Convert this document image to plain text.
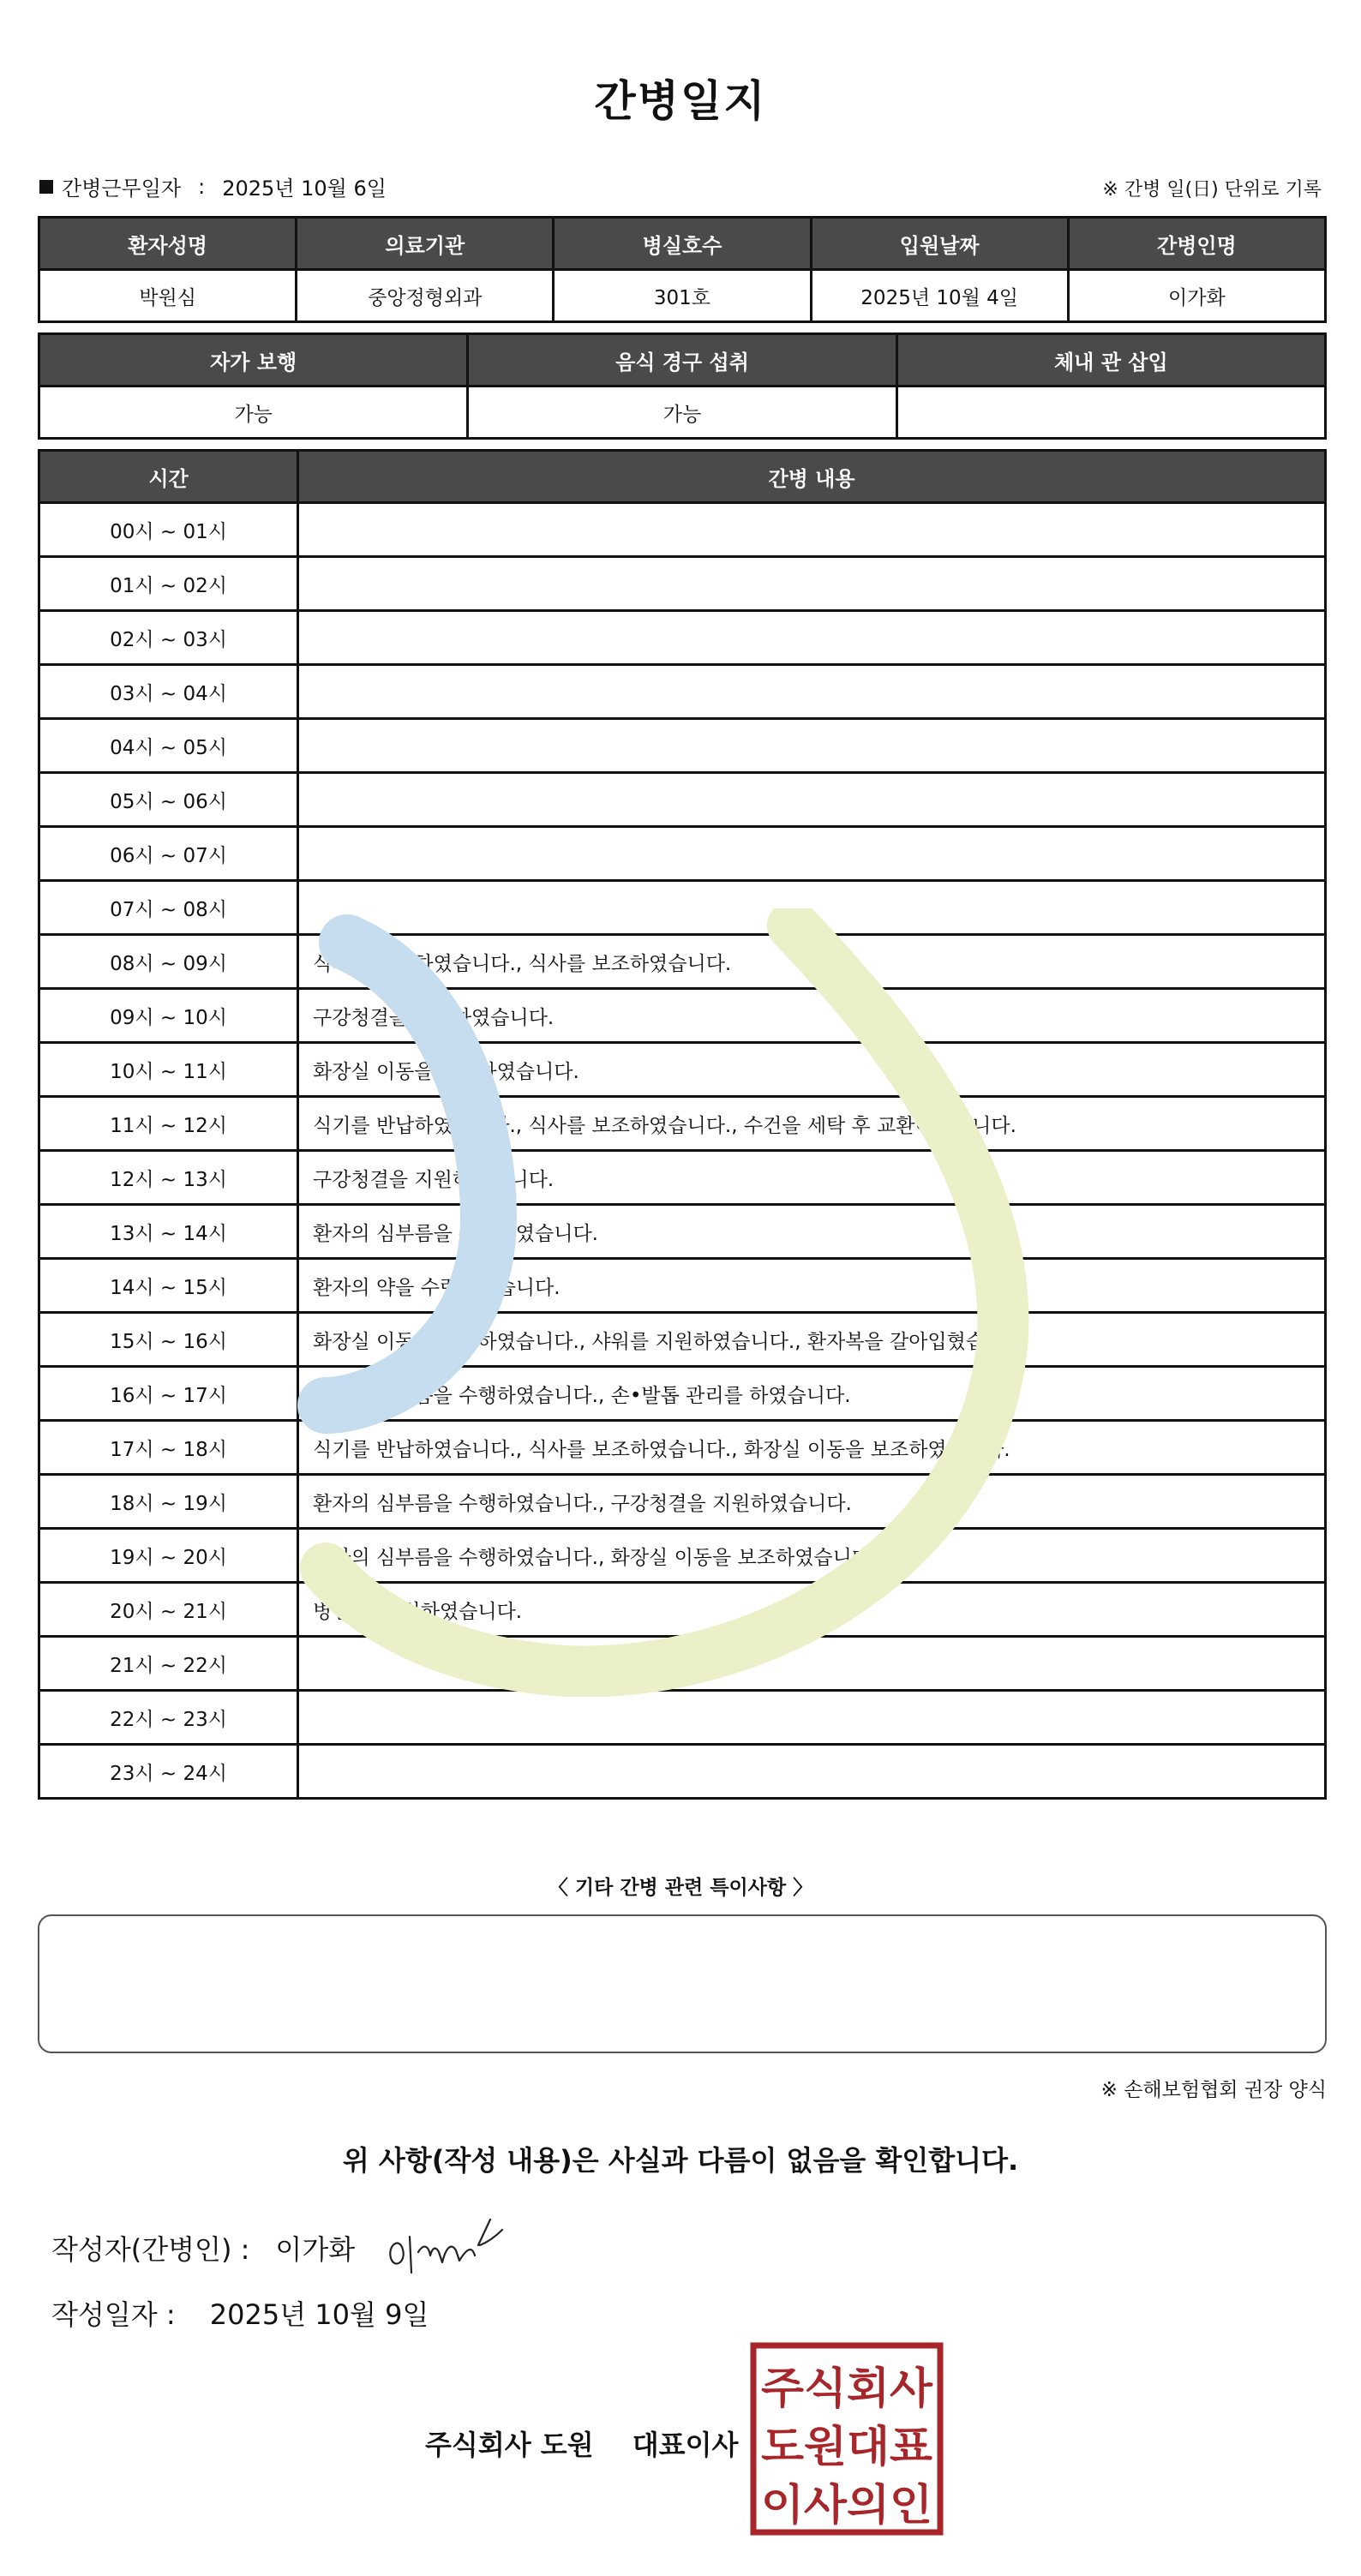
간병일지
간병근무일자 : 2025년 10월 6일	※ 간병 일(日) 단위로 기록
환자성명	의료기관	병실호수	입원날짜	간병인명
박원심	중앙정형외과	301호	2025년 10월 4일	이가화
자가 보행	음식 경구 섭취	체내 관 삽입
가능	가능	
시간	간병 내용
00시 ~ 01시	
01시 ~ 02시	
02시 ~ 03시	
03시 ~ 04시	
04시 ~ 05시	
05시 ~ 06시	
06시 ~ 07시	
07시 ~ 08시	
08시 ~ 09시	식기를 반납하였습니다., 식사를 보조하였습니다.
09시 ~ 10시	구강청결을 지원하였습니다.
10시 ~ 11시	화장실 이동을 보조하였습니다.
11시 ~ 12시	식기를 반납하였습니다., 식사를 보조하였습니다., 수건을 세탁 후 교환하였습니다.
12시 ~ 13시	구강청결을 지원하였습니다.
13시 ~ 14시	환자의 심부름을 수행하였습니다.
14시 ~ 15시	환자의 약을 수령하였습니다.
15시 ~ 16시	화장실 이동을 보조하였습니다., 샤워를 지원하였습니다., 환자복을 갈아입혔습니다.
16시 ~ 17시	환자의 심부름을 수행하였습니다., 손•발톱 관리를 하였습니다.
17시 ~ 18시	식기를 반납하였습니다., 식사를 보조하였습니다., 화장실 이동을 보조하였습니다.
18시 ~ 19시	환자의 심부름을 수행하였습니다., 구강청결을 지원하였습니다.
19시 ~ 20시	환자의 심부름을 수행하였습니다., 화장실 이동을 보조하였습니다.
20시 ~ 21시	병실 내 취침하였습니다.
21시 ~ 22시	
22시 ~ 23시	
23시 ~ 24시	
〈 기타 간병 관련 특이사항 〉
※ 손해보험협회 권장 양식
위 사항(작성 내용)은 사실과 다름이 없음을 확인합니다.
작성자(간병인) : 이가화
작성일자 : 2025년 10월 9일
주식회사 도원 대표이사
주식회사
도원대표
이사의인
